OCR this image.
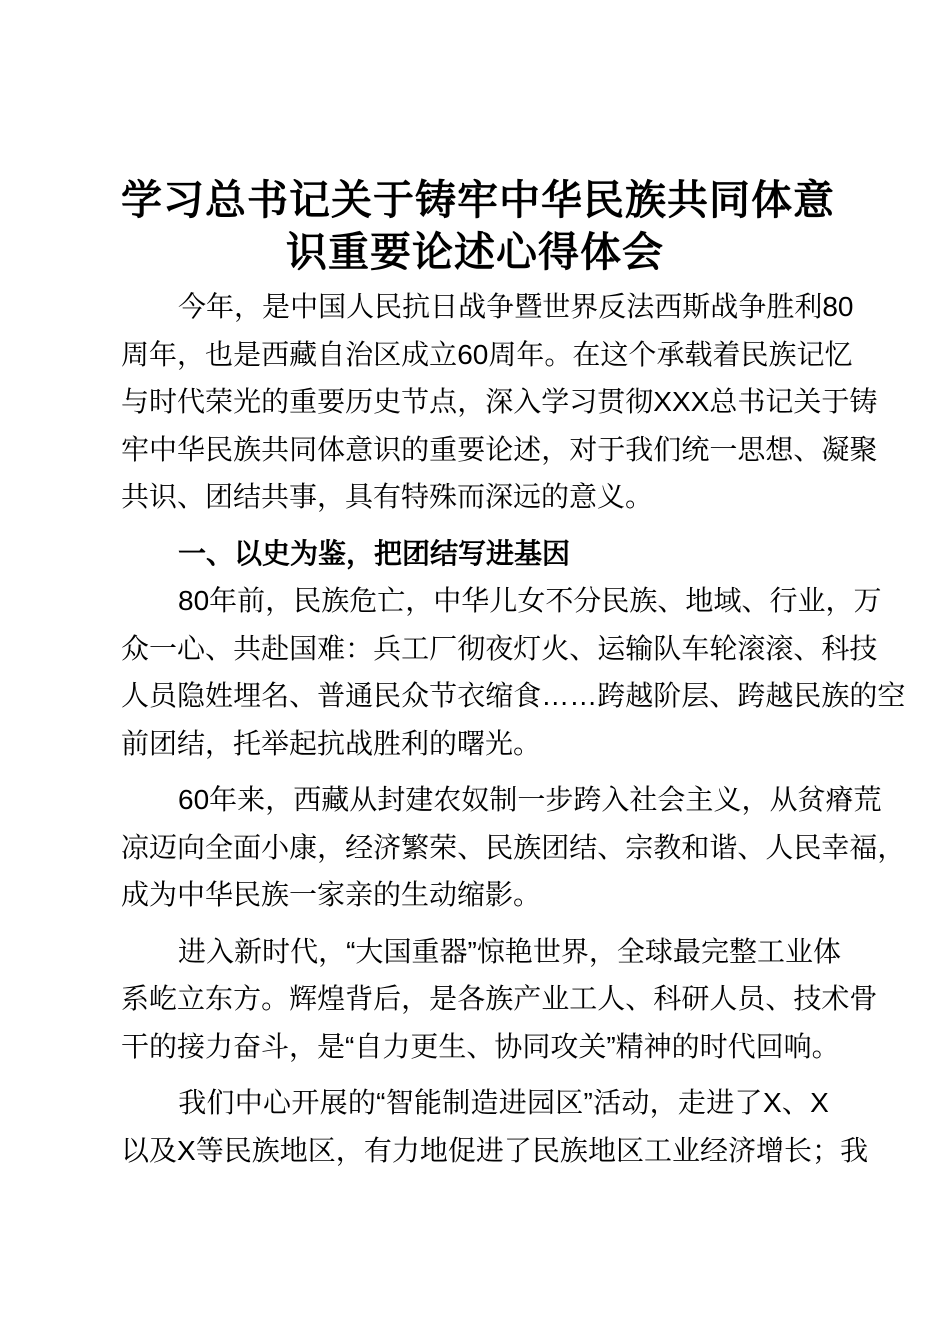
学习总书记关于铸牢中华民族共同体意
识重要论述心得体会
今 年 ， 是 中 国 人 民 抗 日 战 争 暨 世 界 反 法 西 斯 战 争 胜 利 80
周 年 ， 也 是 西 藏 自 治 区 成 立 60 周 年 。 在 这 个 承 载 着 民 族 记 忆
与 时 代 荣 光 的 重 要 历 史 节 点 ， 深 入 学 习 贯 彻 XXX 总 书 记 关 于 铸
牢 中 华 民 族 共 同 体 意 识 的 重 要 论 述 ， 对 于 我 们 统 一 思 想 、 凝 聚
共识、团结共事，具有特殊而深远的意义。
一、以史为鉴，把团结写进基因
80 年 前 ， 民 族 危 亡 ， 中 华 儿 女 不 分 民 族 、 地 域 、 行 业 ， 万
众 一 心 、 共 赴 国 难 ： 兵 工 厂 彻 夜 灯 火 、 运 输 队 车 轮 滚 滚 、 科 技
人 员 隐 姓 埋 名 、 普 通 民 众 节 衣 缩 食 … … 跨 越 阶 层 、 跨 越 民 族 的 空
前团结，托举起抗战胜利的曙光。
60 年 来 ， 西 藏 从 封 建 农 奴 制 一 步 跨 入 社 会 主 义 ， 从 贫 瘠 荒
凉 迈 向 全 面 小 康 ， 经 济 繁 荣 、 民 族 团 结 、 宗 教 和 谐 、 人 民 幸 福 ，
成为中华民族一家亲的生动缩影。
进 入 新 时 代 ， “ 大 国 重 器 ” 惊 艳 世 界 ， 全 球 最 完 整 工 业 体
系 屹 立 东 方 。 辉 煌 背 后 ， 是 各 族 产 业 工 人 、 科 研 人 员 、 技 术 骨
干的接力奋斗，是“自力更生、协同攻关”精神的时代回响。
我 们 中 心 开 展 的 “ 智 能 制 造 进 园 区 ” 活 动 ， 走 进 了 X 、 X
以 及 X 等 民 族 地 区 ， 有 力 地 促 进 了 民 族 地 区 工 业 经 济 增 长 ； 我
